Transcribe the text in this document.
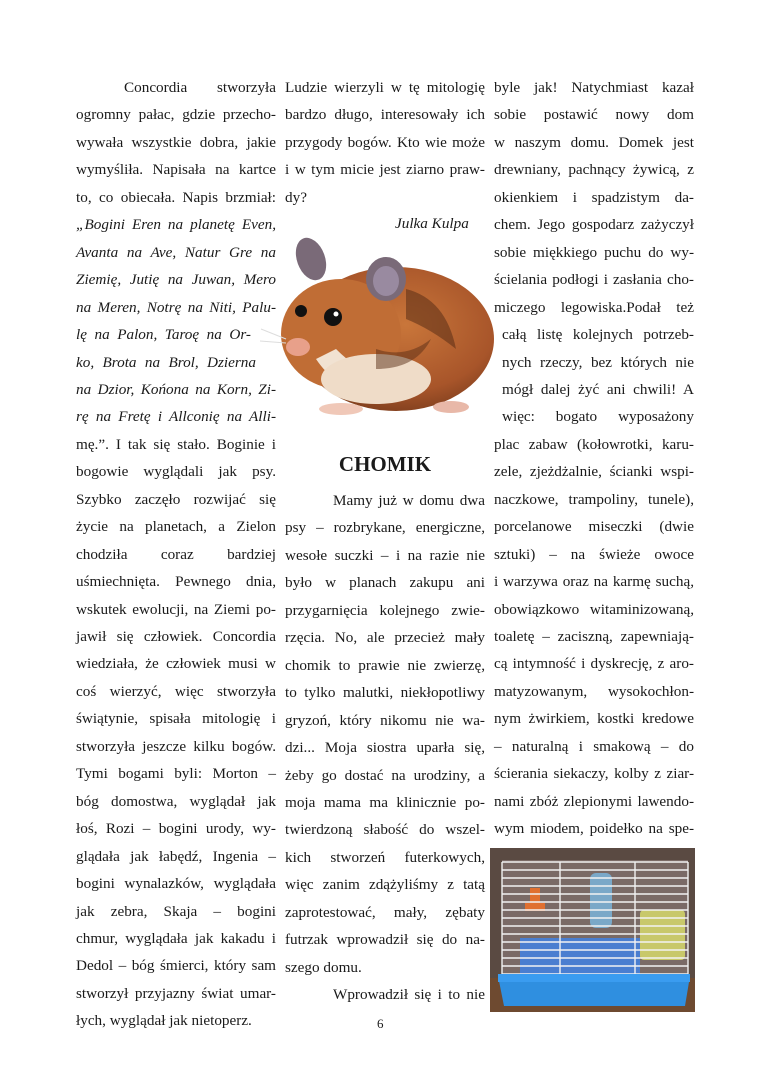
Concordia stworzyła
ogromny pałac, gdzie przecho-
wywała wszystkie dobra, jakie
wymyśliła. Napisała na kartce
to, co obiecała. Napis brzmiał:
„Bogini Eren na planetę Even,
Avanta na Ave, Natur Gre na
Ziemię, Jutię na Juwan, Mero
na Meren, Notrę na Niti, Palu-
lę na Palon, Taroę na Or-
ko, Brota na Brol, Dzierna
na Dzior, Końona na Korn, Zi-
rę na Fretę i Allconię na Alli-
mę.”. I tak się stało. Boginie i
bogowie wyglądali jak psy.
Szybko zaczęło rozwijać się
życie na planetach, a Zielon
chodziła coraz bardziej
uśmiechnięta. Pewnego dnia,
wskutek ewolucji, na Ziemi po-
jawił się człowiek. Concordia
wiedziała, że człowiek musi w
coś wierzyć, więc stworzyła
świątynie, spisała mitologię i
stworzyła jeszcze kilku bogów.
Tymi bogami byli: Morton –
bóg domostwa, wyglądał jak
łoś, Rozi – bogini urody, wy-
glądała jak łabędź, Ingenia –
bogini wynalazków, wyglądała
jak zebra, Skaja – bogini
chmur, wyglądała jak kakadu i
Dedol – bóg śmierci, który sam
stworzył przyjazny świat umar-
łych, wyglądał jak nietoperz.
Ludzie wierzyli w tę mitologię
bardzo długo, interesowały ich
przygody bogów. Kto wie może
i w tym micie jest ziarno praw-
dy?
Mamy już w domu dwa
psy – rozbrykane, energiczne,
wesołe suczki – i na razie nie
było w planach zakupu ani
przygarnięcia kolejnego zwie-
rzęcia. No, ale przecież mały
chomik to prawie nie zwierzę,
to tylko malutki, niekłopotliwy
gryzoń, który nikomu nie wa-
dzi... Moja siostra uparła się,
żeby go dostać na urodziny, a
moja mama ma klinicznie po-
twierdzoną słabość do wszel-
kich stworzeń futerkowych,
więc zanim zdążyliśmy z tatą
zaprotestować, mały, zębaty
futrzak wprowadził się do na-
szego domu.
Wprowadził się i to nie
byle jak! Natychmiast kazał
sobie postawić nowy dom
w naszym domu. Domek jest
drewniany, pachnący żywicą, z
okienkiem i spadzistym da-
chem. Jego gospodarz zażyczył
sobie miękkiego puchu do wy-
ścielania podłogi i zasłania cho-
miczego legowiska.Podał też
całą listę kolejnych potrzeb-
nych rzeczy, bez których nie
mógł dalej żyć ani chwili! A
więc: bogato wyposażony
plac zabaw (kołowrotki, karu-
zele, zjeżdżalnie, ścianki wspi-
naczkowe, trampoliny, tunele),
porcelanowe miseczki (dwie
sztuki) – na świeże owoce
i warzywa oraz na karmę suchą,
obowiązkowo witaminizowaną,
toaletę – zaciszną, zapewniają-
cą intymność i dyskrecję, z aro-
matyzowanym, wysokochłon-
nym żwirkiem, kostki kredowe
– naturalną i smakową – do
ścierania siekaczy, kolby z ziar-
nami zbóż zlepionymi lawendo-
wym miodem, poidełko na spe-
Julka Kulpa
CHOMIK
6
